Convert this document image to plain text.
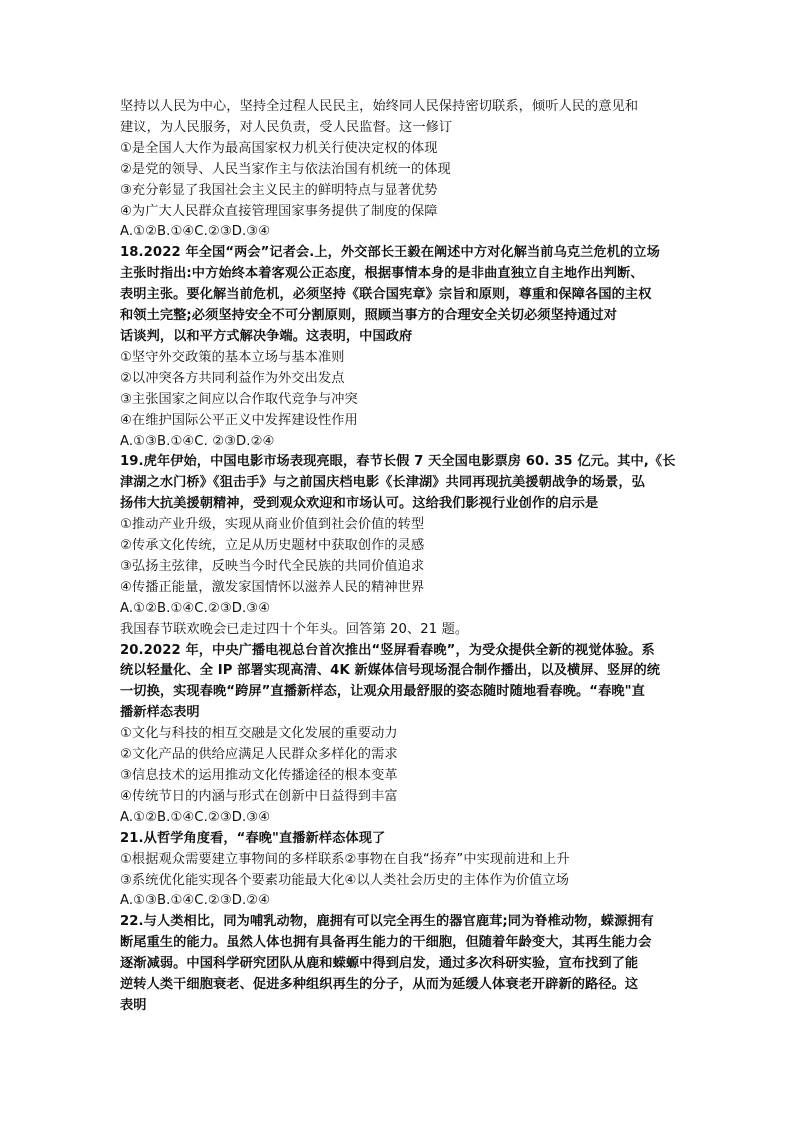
坚持以人民为中心，坚持全过程人民民主，始终同人民保持密切联系，倾听人民的意见和
建议，为人民服务，对人民负责，受人民监督。这一修订
①是全国人大作为最高国家权力机关行使决定权的体现
②是党的领导、人民当家作主与依法治国有机统一的体现
③充分彰显了我国社会主义民主的鲜明特点与显著优势
④为广大人民群众直接管理国家事务提供了制度的保障
A.①②B.①④C.②③D.③④
18.2022 年全国“两会”记者会.上，外交部长王毅在阐述中方对化解当前乌克兰危机的立场
主张时指出:中方始终本着客观公正态度，根据事情本身的是非曲直独立自主地作出判断、
表明主张。要化解当前危机，必须坚持《联合国宪章》宗旨和原则，尊重和保障各国的主权
和领土完整;必须坚持安全不可分割原则，照顾当事方的合理安全关切必须坚持通过对
话谈判，以和平方式解决争端。这表明，中国政府
①坚守外交政策的基本立场与基本准则
②以冲突各方共同利益作为外交出发点
③主张国家之间应以合作取代竞争与冲突
④在维护国际公平正义中发挥建设性作用
A.①③B.①④C. ②③D.②④
19.虎年伊始，中国电影市场表现亮眼，春节长假 7 天全国电影票房 60. 35 亿元。其中,《长
津湖之水门桥》《狙击手》与之前国庆档电影《长津湖》共同再现抗美援朝战争的场景，弘
扬伟大抗美援朝精神，受到观众欢迎和市场认可。这给我们影视行业创作的启示是
①推动产业升级，实现从商业价值到社会价值的转型
②传承文化传统，立足从历史题材中获取创作的灵感
③弘扬主弦律，反映当今时代全民族的共同价值追求
④传播正能量，激发家国情怀以滋养人民的精神世界
A.①②B.①④C.②③D.③④
我国春节联欢晚会已走过四十个年头。回答第 20、21 题。
20.2022 年，中央广播电视总台首次推出“竖屏看春晚”，为受众提供全新的视觉体验。系
统以轻量化、全 IP 部署实现高清、4K 新媒体信号现场混合制作播出，以及横屏、竖屏的统
一切换，实现春晚“跨屏”直播新样态，让观众用最舒服的姿态随时随地看春晚。“春晚"直
播新样态表明
①文化与科技的相互交融是文化发展的重要动力
②文化产品的供给应满足人民群众多样化的需求
③信息技术的运用推动文化传播途径的根本变革
④传统节日的内涵与形式在创新中日益得到丰富
A.①②B.①④C.②③D.③④
21.从哲学角度看，“春晚"直播新样态体现了
①根据观众需要建立事物间的多样联系②事物在自我“扬弃”中实现前进和上升
③系统优化能实现各个要素功能最大化④以人类社会历史的主体作为价值立场
A.①③B.①④C.②③D.②④
22.与人类相比，同为哺乳动物，鹿拥有可以完全再生的器官鹿茸;同为脊椎动物，蝾源拥有
断尾重生的能力。虽然人体也拥有具备再生能力的干细胞，但随着年龄变大，其再生能力会
逐渐减弱。中国科学研究团队从鹿和蝾螈中得到启发，通过多次科研实验，宣布找到了能
逆转人类干细胞衰老、促进多种组织再生的分子，从而为延缓人体衰老开辟新的路径。这
表明
